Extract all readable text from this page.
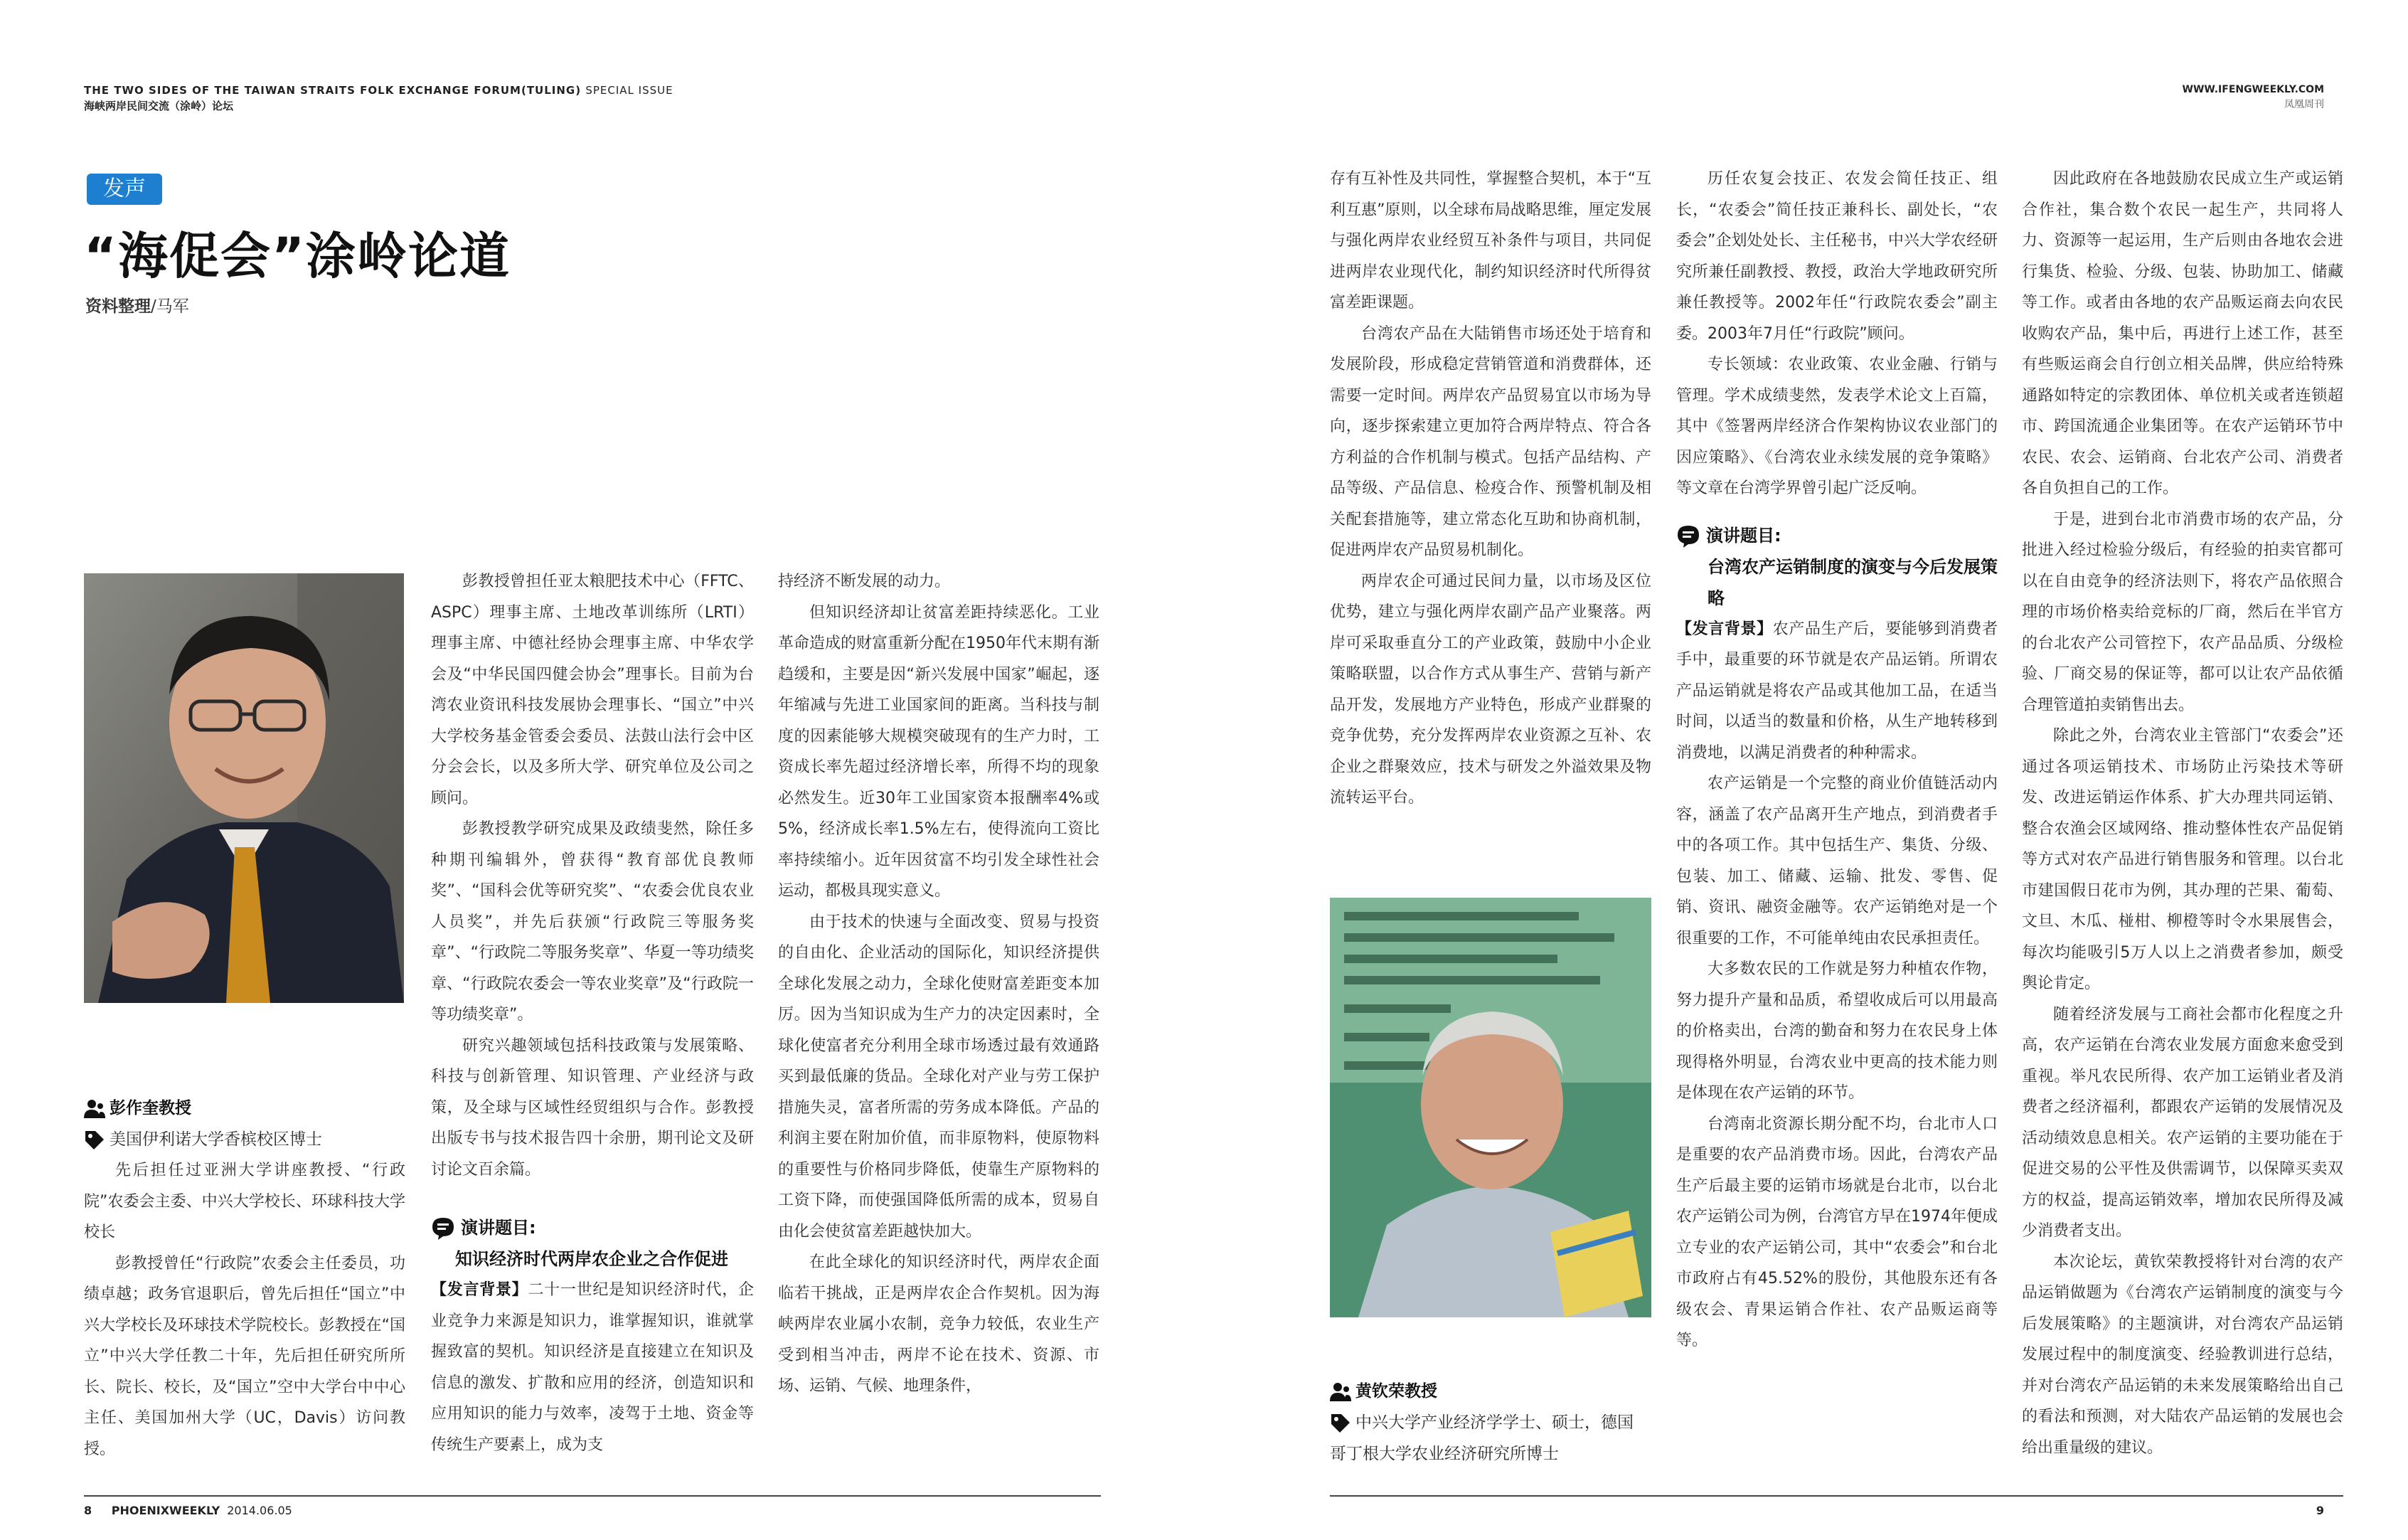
THE TWO SIDES OF THE TAIWAN STRAITS FOLK EXCHANGE FORUM(TULING) SPECIAL ISSUE
海峡两岸民间交流（涂岭）论坛
发声
“海促会”涂岭论道
资料整理/马军
彭作奎教授
美国伊利诺大学香槟校区博士

先后担任过亚洲大学讲座教授、“行政院”农委会主委、中兴大学校长、环球科技大学校长

彭教授曾任“行政院”农委会主任委员，功绩卓越；政务官退职后，曾先后担任“国立”中兴大学校长及环球技术学院校长。彭教授在“国立”中兴大学任教二十年，先后担任研究所所长、院长、校长，及“国立”空中大学台中中心主任、美国加州大学（UC，Davis）访问教授。

彭教授曾担任亚太粮肥技术中心（FFTC、ASPC）理事主席、土地改革训练所（LRTI）理事主席、中德社经协会理事主席、中华农学会及“中华民国四健会协会”理事长。目前为台湾农业资讯科技发展协会理事长、“国立”中兴大学校务基金管委会委员、法鼓山法行会中区分会会长，以及多所大学、研究单位及公司之顾问。

彭教授教学研究成果及政绩斐然，除任多种期刊编辑外，曾获得“教育部优良教师奖”、“国科会优等研究奖”、“农委会优良农业人员奖”，并先后获颁“行政院三等服务奖章”、“行政院二等服务奖章”、华夏一等功绩奖章、“行政院农委会一等农业奖章”及“行政院一等功绩奖章”。

研究兴趣领域包括科技政策与发展策略、科技与创新管理、知识管理、产业经济与政策，及全球与区域性经贸组织与合作。彭教授出版专书与技术报告四十余册，期刊论文及研讨论文百余篇。

演讲题目:
知识经济时代两岸农企业之合作促进

【发言背景】二十一世纪是知识经济时代，企业竞争力来源是知识力，谁掌握知识，谁就掌握致富的契机。知识经济是直接建立在知识及信息的激发、扩散和应用的经济，创造知识和应用知识的能力与效率，凌驾于土地、资金等传统生产要素上，成为支

持经济不断发展的动力。

但知识经济却让贫富差距持续恶化。工业革命造成的财富重新分配在1950年代末期有渐趋缓和，主要是因“新兴发展中国家”崛起，逐年缩减与先进工业国家间的距离。当科技与制度的因素能够大规模突破现有的生产力时，工资成长率先超过经济增长率，所得不均的现象必然发生。近30年工业国家资本报酬率4%或5%，经济成长率1.5%左右，使得流向工资比率持续缩小。近年因贫富不均引发全球性社会运动，都极具现实意义。

由于技术的快速与全面改变、贸易与投资的自由化、企业活动的国际化，知识经济提供全球化发展之动力，全球化使财富差距变本加厉。因为当知识成为生产力的决定因素时，全球化使富者充分利用全球市场透过最有效通路买到最低廉的货品。全球化对产业与劳工保护措施失灵，富者所需的劳务成本降低。产品的利润主要在附加价值，而非原物料，使原物料的重要性与价格同步降低，使靠生产原物料的工资下降，而使强国降低所需的成本，贸易自由化会使贫富差距越快加大。

在此全球化的知识经济时代，两岸农企面临若干挑战，正是两岸农企合作契机。因为海峡两岸农业属小农制，竞争力较低，农业生产受到相当冲击，两岸不论在技术、资源、市场、运销、气候、地理条件，

8 PHOENIXWEEKLY 2014.06.05
WWW.IFENGWEEKLY.COM
凤凰周刊

存有互补性及共同性，掌握整合契机，本于“互利互惠”原则，以全球布局战略思维，厘定发展与强化两岸农业经贸互补条件与项目，共同促进两岸农业现代化，制约知识经济时代所得贫富差距课题。

台湾农产品在大陆销售市场还处于培育和发展阶段，形成稳定营销管道和消费群体，还需要一定时间。两岸农产品贸易宜以市场为导向，逐步探索建立更加符合两岸特点、符合各方利益的合作机制与模式。包括产品结构、产品等级、产品信息、检疫合作、预警机制及相关配套措施等，建立常态化互助和协商机制，促进两岸农产品贸易机制化。

两岸农企可通过民间力量，以市场及区位优势，建立与强化两岸农副产品产业聚落。两岸可采取垂直分工的产业政策，鼓励中小企业策略联盟，以合作方式从事生产、营销与新产品开发，发展地方产业特色，形成产业群聚的竞争优势，充分发挥两岸农业资源之互补、农企业之群聚效应，技术与研发之外溢效果及物流转运平台。

黄钦荣教授
中兴大学产业经济学学士、硕士，德国
哥丁根大学农业经济研究所博士

历任农复会技正、农发会简任技正、组长，“农委会”简任技正兼科长、副处长，“农委会”企划处处长、主任秘书，中兴大学农经研究所兼任副教授、教授，政治大学地政研究所兼任教授等。2002年任“行政院农委会”副主委。2003年7月任“行政院”顾问。

专长领域：农业政策、农业金融、行销与管理。学术成绩斐然，发表学术论文上百篇，其中《签署两岸经济合作架构协议农业部门的因应策略》、《台湾农业永续发展的竞争策略》等文章在台湾学界曾引起广泛反响。

演讲题目:
台湾农产运销制度的演变与今后发展策略

【发言背景】农产品生产后，要能够到消费者手中，最重要的环节就是农产品运销。所谓农产品运销就是将农产品或其他加工品，在适当时间，以适当的数量和价格，从生产地转移到消费地，以满足消费者的种种需求。

农产运销是一个完整的商业价值链活动内容，涵盖了农产品离开生产地点，到消费者手中的各项工作。其中包括生产、集货、分级、包装、加工、储藏、运输、批发、零售、促销、资讯、融资金融等。农产运销绝对是一个很重要的工作，不可能单纯由农民承担责任。

大多数农民的工作就是努力种植农作物，努力提升产量和品质，希望收成后可以用最高的价格卖出，台湾的勤奋和努力在农民身上体现得格外明显，台湾农业中更高的技术能力则是体现在农产运销的环节。

台湾南北资源长期分配不均，台北市人口是重要的农产品消费市场。因此，台湾农产品生产后最主要的运销市场就是台北市，以台北农产运销公司为例，台湾官方早在1974年便成立专业的农产运销公司，其中“农委会”和台北市政府占有45.52%的股份，其他股东还有各级农会、青果运销合作社、农产品贩运商等等。

因此政府在各地鼓励农民成立生产或运销合作社，集合数个农民一起生产，共同将人力、资源等一起运用，生产后则由各地农会进行集货、检验、分级、包装、协助加工、储藏等工作。或者由各地的农产品贩运商去向农民收购农产品，集中后，再进行上述工作，甚至有些贩运商会自行创立相关品牌，供应给特殊通路如特定的宗教团体、单位机关或者连锁超市、跨国流通企业集团等。在农产运销环节中农民、农会、运销商、台北农产公司、消费者各自负担自己的工作。

于是，进到台北市消费市场的农产品，分批进入经过检验分级后，有经验的拍卖官都可以在自由竞争的经济法则下，将农产品依照合理的市场价格卖给竞标的厂商，然后在半官方的台北农产公司管控下，农产品品质、分级检验、厂商交易的保证等，都可以让农产品依循合理管道拍卖销售出去。

除此之外，台湾农业主管部门“农委会”还通过各项运销技术、市场防止污染技术等研发、改进运销运作体系、扩大办理共同运销、整合农渔会区域网络、推动整体性农产品促销等方式对农产品进行销售服务和管理。以台北市建国假日花市为例，其办理的芒果、葡萄、文旦、木瓜、椪柑、柳橙等时令水果展售会，每次均能吸引5万人以上之消费者参加，颇受舆论肯定。

随着经济发展与工商社会都市化程度之升高，农产运销在台湾农业发展方面愈来愈受到重视。举凡农民所得、农产加工运销业者及消费者之经济福利，都跟农产运销的发展情况及活动绩效息息相关。农产运销的主要功能在于促进交易的公平性及供需调节，以保障买卖双方的权益，提高运销效率，增加农民所得及减少消费者支出。

本次论坛，黄钦荣教授将针对台湾的农产品运销做题为《台湾农产运销制度的演变与今后发展策略》的主题演讲，对台湾农产品运销发展过程中的制度演变、经验教训进行总结，并对台湾农产品运销的未来发展策略给出自己的看法和预测，对大陆农产品运销的发展也会给出重量级的建议。

9
